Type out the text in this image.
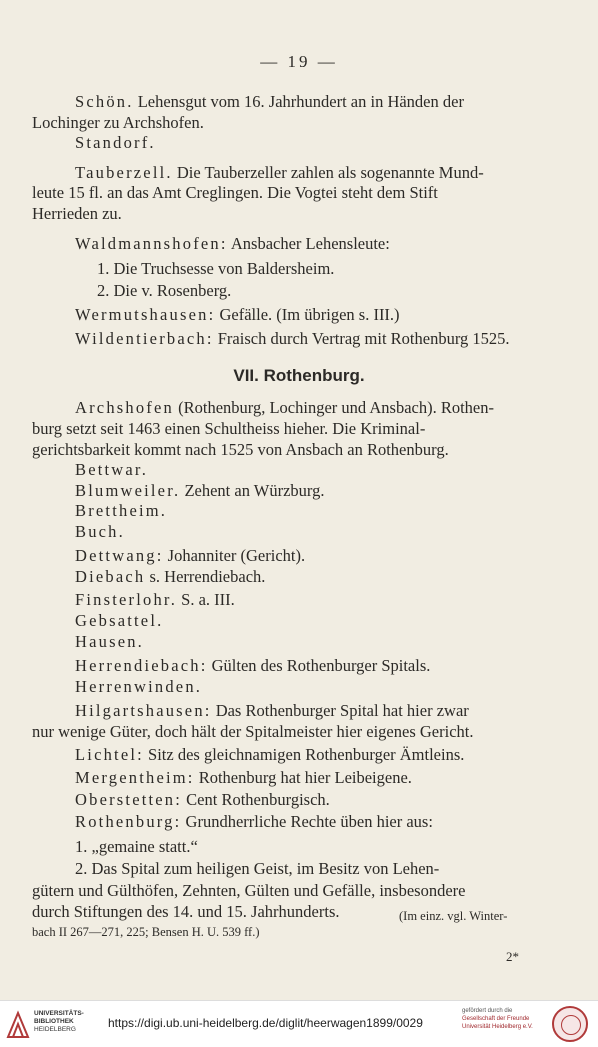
— 19 —
Schön. Lehensgut vom 16. Jahrhundert an in Händen der
Lochinger zu Archshofen.
Standorf.
Tauberzell. Die Tauberzeller zahlen als sogenannte Mund-
leute 15 fl. an das Amt Creglingen. Die Vogtei steht dem Stift
Herrieden zu.
Waldmannshofen: Ansbacher Lehensleute:
1. Die Truchsesse von Baldersheim.
2. Die v. Rosenberg.
Wermutshausen: Gefälle. (Im übrigen s. III.)
Wildentierbach: Fraisch durch Vertrag mit Rothenburg 1525.
VII. Rothenburg.
Archshofen (Rothenburg, Lochinger und Ansbach). Rothen-
burg setzt seit 1463 einen Schultheiss hieher. Die Kriminal-
gerichtsbarkeit kommt nach 1525 von Ansbach an Rothenburg.
Bettwar.
Blumweiler. Zehent an Würzburg.
Brettheim.
Buch.
Dettwang: Johanniter (Gericht).
Diebach s. Herrendiebach.
Finsterlohr. S. a. III.
Gebsattel.
Hausen.
Herrendiebach: Gülten des Rothenburger Spitals.
Herrenwinden.
Hilgartshausen: Das Rothenburger Spital hat hier zwar
nur wenige Güter, doch hält der Spitalmeister hier eigenes Gericht.
Lichtel: Sitz des gleichnamigen Rothenburger Ämtleins.
Mergentheim: Rothenburg hat hier Leibeigene.
Oberstetten: Cent Rothenburgisch.
Rothenburg: Grundherrliche Rechte üben hier aus:
1. „gemaine statt.“
2. Das Spital zum heiligen Geist, im Besitz von Lehen-
gütern und Gülthöfen, Zehnten, Gülten und Gefälle, insbesondere
durch Stiftungen des 14. und 15. Jahrhunderts.
bach II 267—271, 225; Bensen H. U. 539 ff.)
(Im einz. vgl. Winter-
2*
UNIVERSITÄTS-
BIBLIOTHEK
HEIDELBERG	https://digi.ub.uni-heidelberg.de/diglit/heerwagen1899/0029
gefördert durch die
Gesellschaft der Freunde
Universität Heidelberg e.V.
